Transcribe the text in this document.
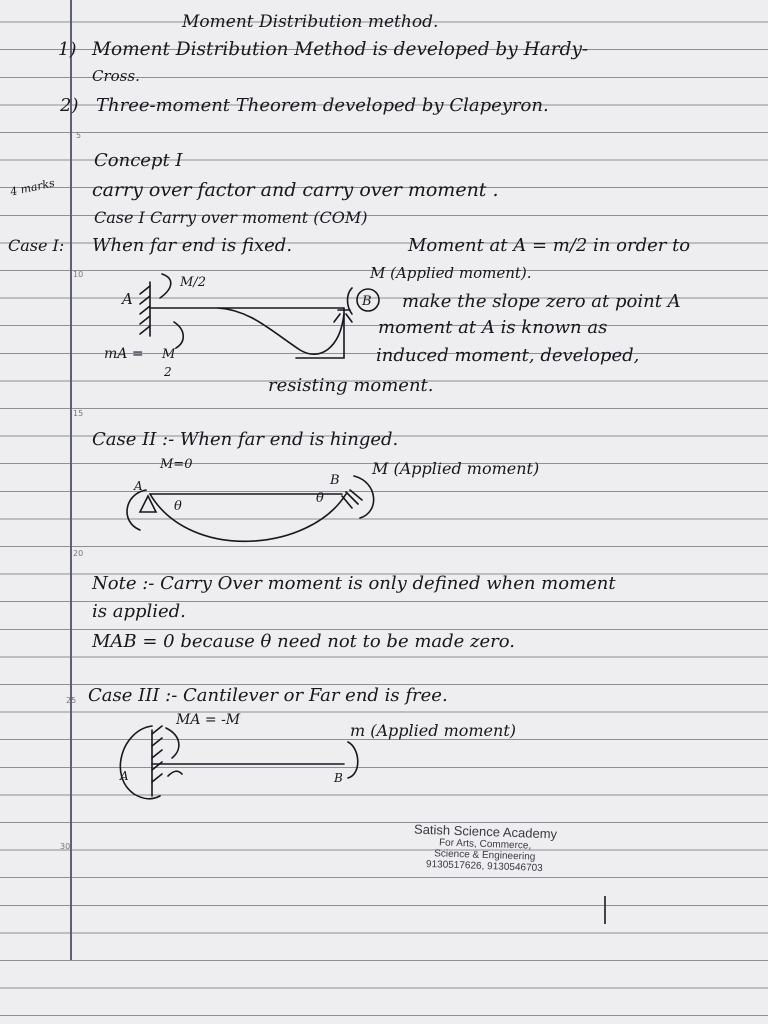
5
10
15
20
25
30
Moment Distribution method.
1) Moment Distribution Method is developed by Hardy-
Cross.
2) Three-moment Theorem developed by Clapeyron.
Concept I
4 marks carry over factor and carry over moment .
Case I Carry over moment (COM)
Case I: When far end is fixed.	Moment at A = m/2 in order to
M (Applied moment).
make the slope zero at point A
moment at A is known as
induced moment, developed,
resisting moment.
A	B
M/2
mA = M
2
Case II :- When far end is hinged.
M=0
A
θ
θ
B
M (Applied moment)
Note :- Carry Over moment is only defined when moment
is applied.
MAB = 0 because θ need not to be made zero.
Case III :- Cantilever or Far end is free.
MA = -M
m (Applied moment)
A	B
Satish Science Academy
For Arts, Commerce,
Science & Engineering
9130517626, 9130546703
